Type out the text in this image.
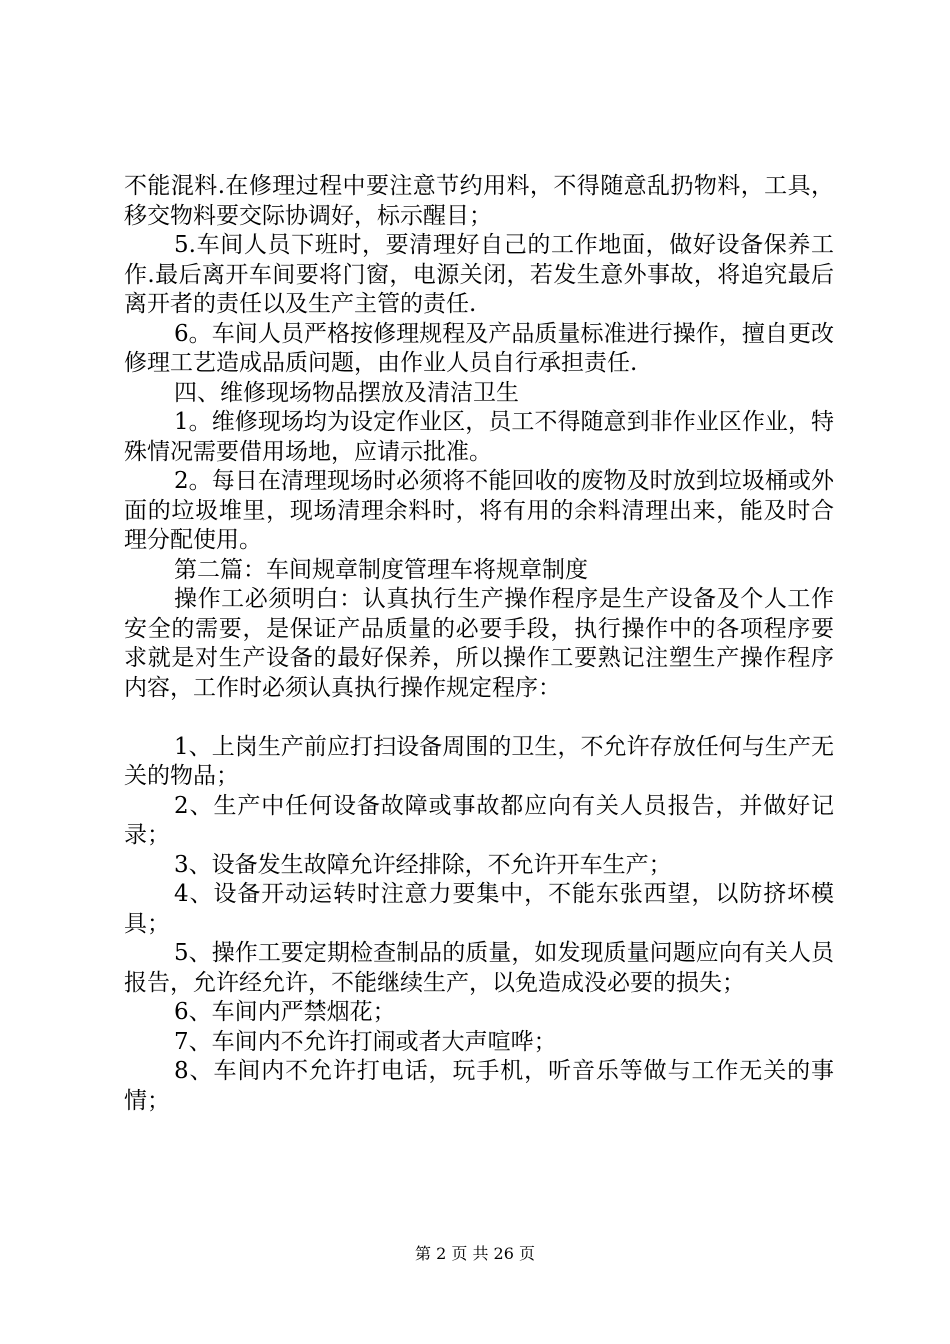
不能混料.在修理过程中要注意节约用料，不得随意乱扔物料，工具，移交物料要交际协调好，标示醒目；

5.车间人员下班时，要清理好自己的工作地面，做好设备保养工作.最后离开车间要将门窗，电源关闭，若发生意外事故，将追究最后离开者的责任以及生产主管的责任.

6。车间人员严格按修理规程及产品质量标准进行操作，擅自更改修理工艺造成品质问题，由作业人员自行承担责任.

四、维修现场物品摆放及清洁卫生

1。维修现场均为设定作业区，员工不得随意到非作业区作业，特殊情况需要借用场地，应请示批准。

2。每日在清理现场时必须将不能回收的废物及时放到垃圾桶或外面的垃圾堆里，现场清理余料时，将有用的余料清理出来，能及时合理分配使用。

第二篇：车间规章制度管理车将规章制度

操作工必须明白：认真执行生产操作程序是生产设备及个人工作安全的需要，是保证产品质量的必要手段，执行操作中的各项程序要求就是对生产设备的最好保养，所以操作工要熟记注塑生产操作程序内容，工作时必须认真执行操作规定程序：

1、上岗生产前应打扫设备周围的卫生，不允许存放任何与生产无关的物品；

2、生产中任何设备故障或事故都应向有关人员报告，并做好记录；

3、设备发生故障允许经排除，不允许开车生产；

4、设备开动运转时注意力要集中，不能东张西望，以防挤坏模具；

5、操作工要定期检查制品的质量，如发现质量问题应向有关人员报告，允许经允许，不能继续生产，以免造成没必要的损失；

6、车间内严禁烟花；

7、车间内不允许打闹或者大声喧哗；

8、车间内不允许打电话，玩手机，听音乐等做与工作无关的事情；

第 2 页 共 26 页
